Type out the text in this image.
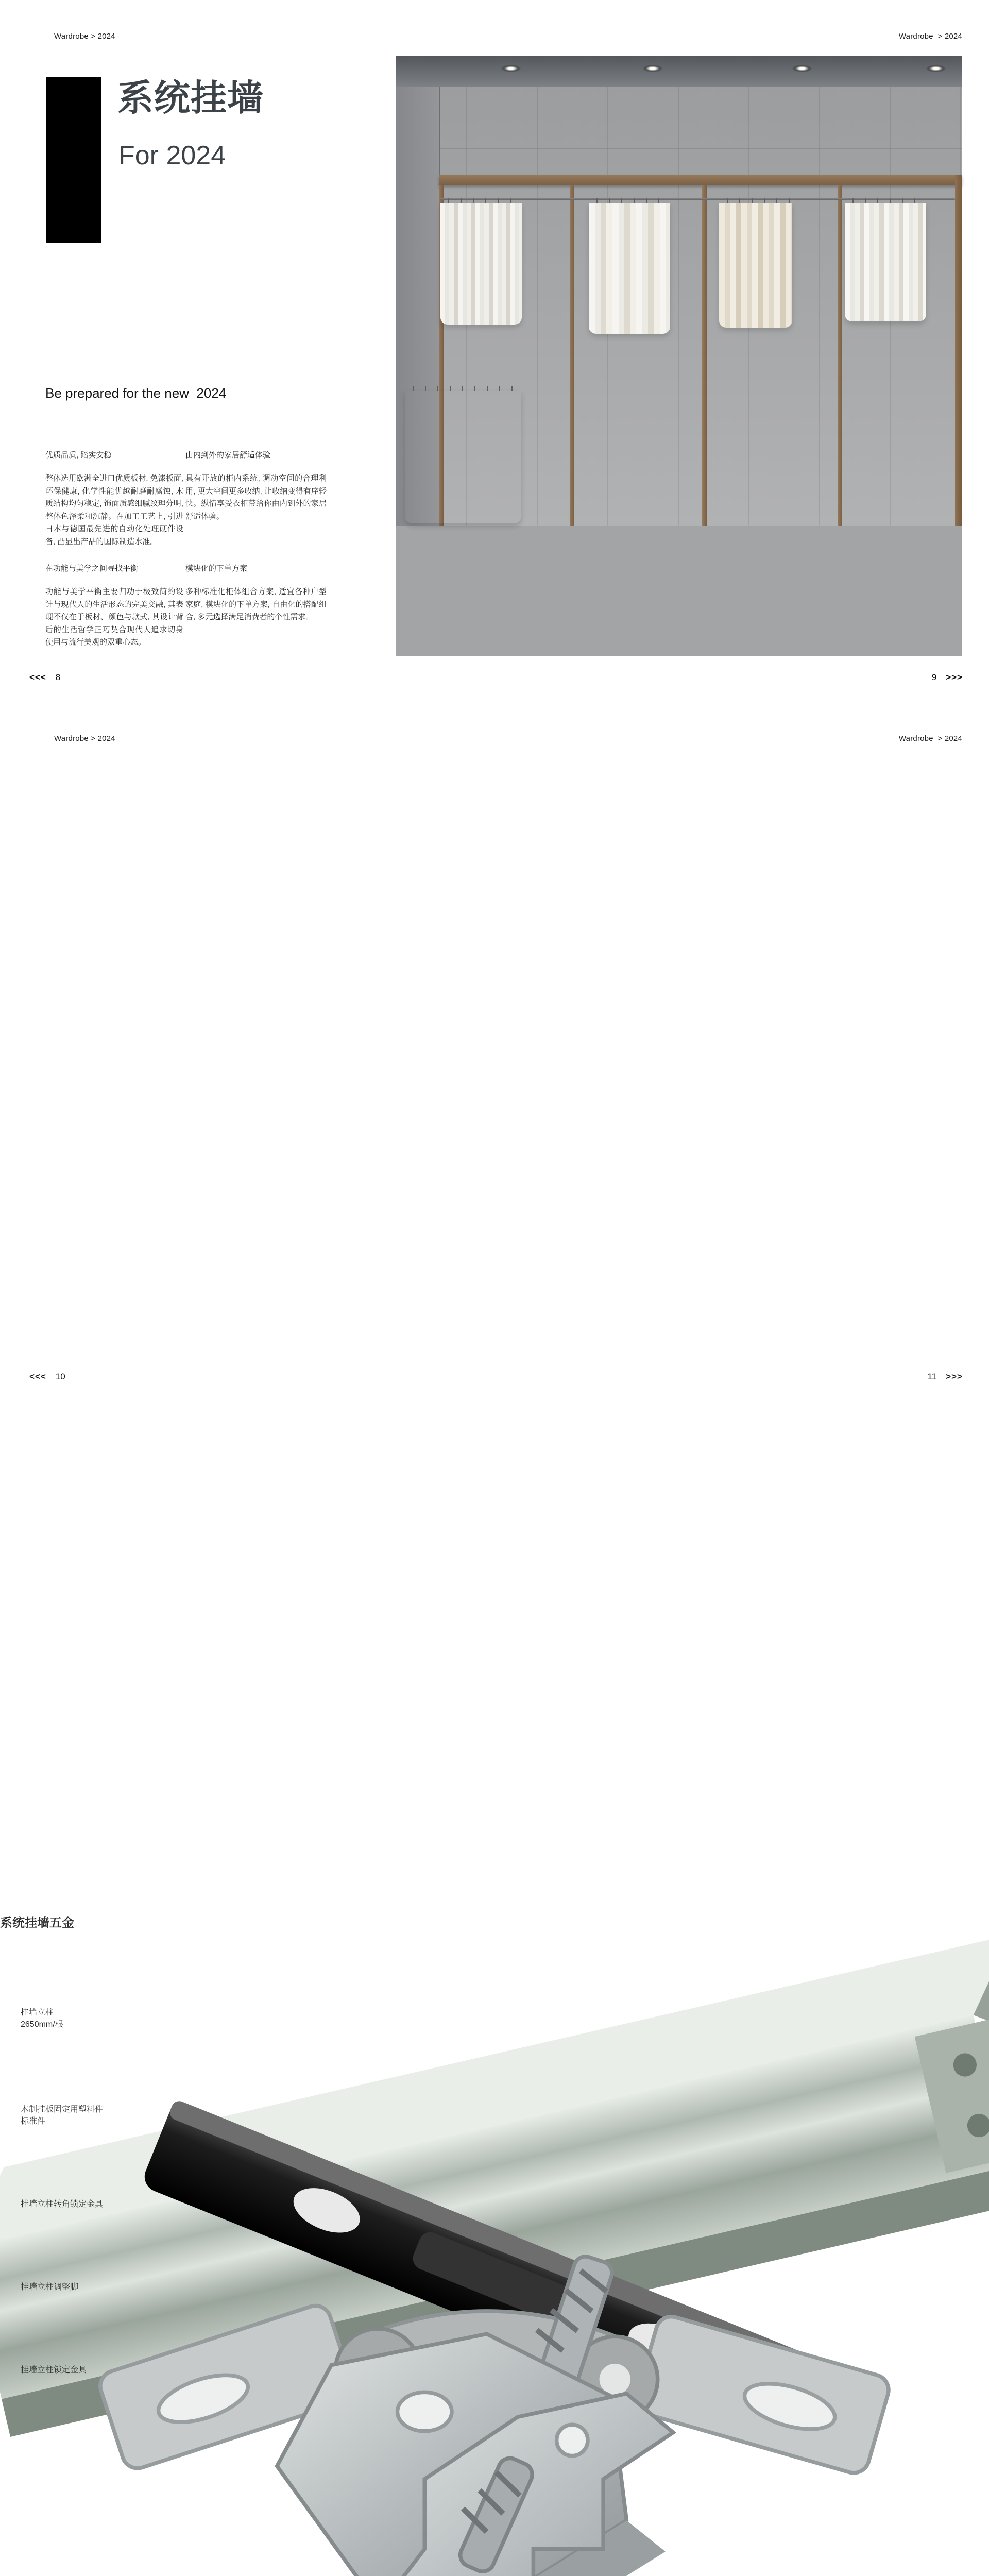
Wardrobe > 2024	Wardrobe  > 2024
系统挂墙
For 2024
Be prepared for the new  2024
优质品质, 踏实安稳

整体选用欧洲全进口优质板材, 免漆板面, 环保健康, 化学性能优越耐磨耐腐蚀, 木质结构均匀稳定, 饰面质感细腻纹理分明, 整体色泽柔和沉静。在加工工艺上, 引进日本与德国最先进的自动化处理硬件设备, 凸显出产品的国际制造水准。

由内到外的家居舒适体验

具有开放的柜内系统, 调动空间的合理利用, 更大空间更多收纳, 让收纳变得有序轻快。纵情享受衣柜带给你由内到外的家居舒适体验。

在功能与美学之间寻找平衡

功能与美学平衡主要归功于极致简约设计与现代人的生活形态的完美交融, 其表现不仅在于板材、颜色与款式, 其设计背后的生活哲学正巧契合现代人追求切身使用与流行美观的双重心态。

模块化的下单方案

多种标准化柜体组合方案, 适宜各种户型家庭, 模块化的下单方案, 自由化的搭配组合, 多元选择满足消费者的个性需求。

<<< 8	9 >>>
Wardrobe > 2024	Wardrobe  > 2024
系统挂墙五金
挂墙立柱
2650mm/根
木制挂板固定用塑料件
标准件
挂墙立柱转角锁定金具
挂墙立柱调整脚
挂墙立柱锁定金具
<<< 10	11 >>>
